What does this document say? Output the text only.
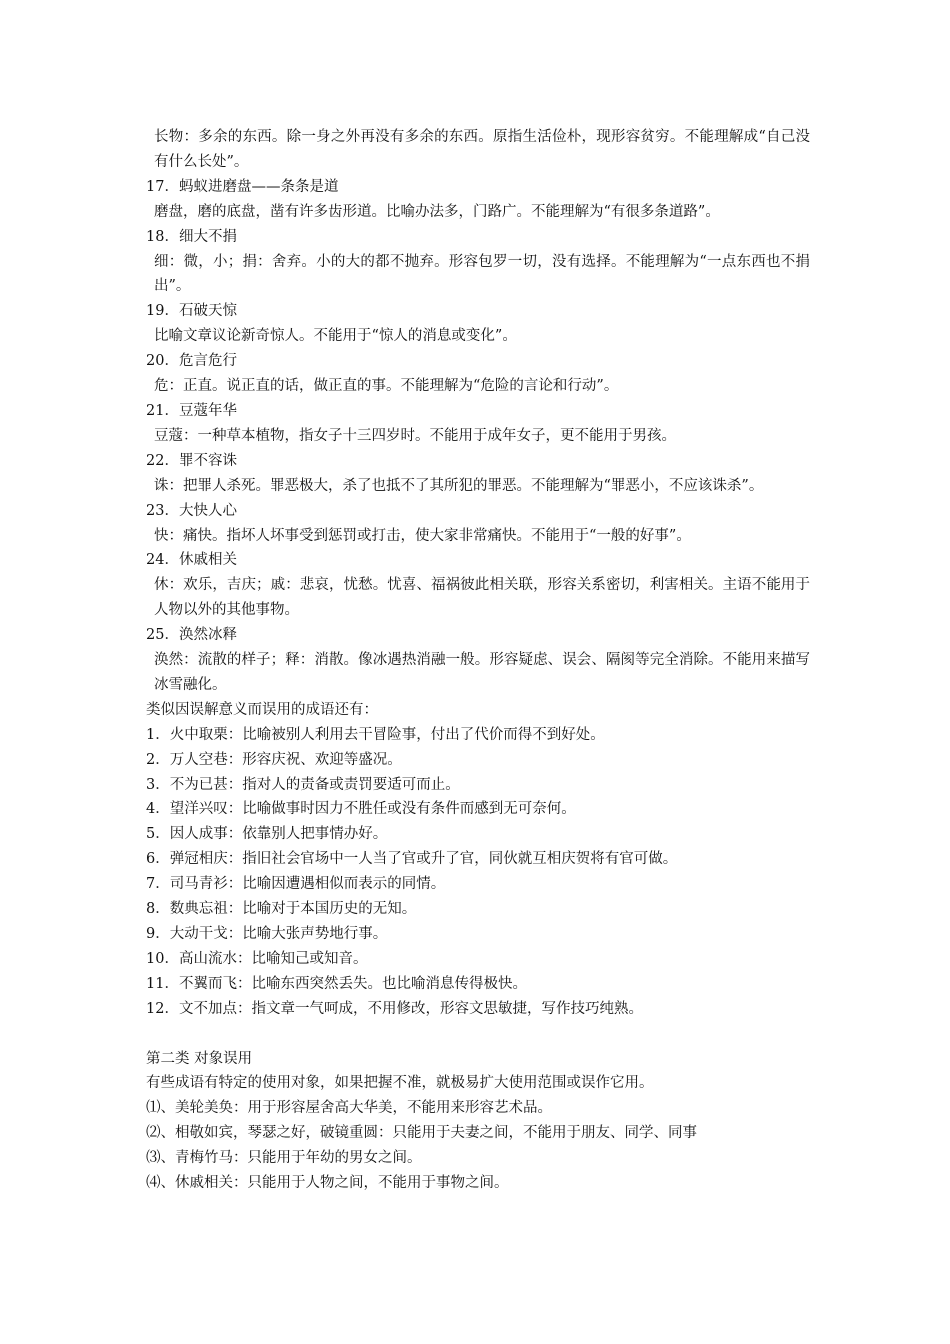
长物：多余的东西。除一身之外再没有多余的东西。原指生活俭朴，现形容贫穷。不能理解成“自己没有什么长处”。

17．蚂蚁进磨盘——条条是道

磨盘，磨的底盘，凿有许多齿形道。比喻办法多，门路广。不能理解为“有很多条道路”。

18．细大不捐

细：微，小；捐：舍弃。小的大的都不抛弃。形容包罗一切，没有选择。不能理解为“一点东西也不捐出”。

19．石破天惊

比喻文章议论新奇惊人。不能用于“惊人的消息或变化”。

20．危言危行

危：正直。说正直的话，做正直的事。不能理解为“危险的言论和行动”。

21．豆蔻年华

豆蔻：一种草本植物，指女子十三四岁时。不能用于成年女子，更不能用于男孩。

22．罪不容诛

诛：把罪人杀死。罪恶极大，杀了也抵不了其所犯的罪恶。不能理解为“罪恶小，不应该诛杀”。

23．大快人心

快：痛快。指坏人坏事受到惩罚或打击，使大家非常痛快。不能用于“一般的好事”。

24．休戚相关

休：欢乐，吉庆；戚：悲哀，忧愁。忧喜、福祸彼此相关联，形容关系密切，利害相关。主语不能用于人物以外的其他事物。

25．涣然冰释

涣然：流散的样子；释：消散。像冰遇热消融一般。形容疑虑、误会、隔阂等完全消除。不能用来描写冰雪融化。

类似因误解意义而误用的成语还有：

1．火中取栗：比喻被别人利用去干冒险事，付出了代价而得不到好处。

2．万人空巷：形容庆祝、欢迎等盛况。

3．不为已甚：指对人的责备或责罚要适可而止。

4．望洋兴叹：比喻做事时因力不胜任或没有条件而感到无可奈何。

5．因人成事：依靠别人把事情办好。

6．弹冠相庆：指旧社会官场中一人当了官或升了官，同伙就互相庆贺将有官可做。

7．司马青衫：比喻因遭遇相似而表示的同情。

8．数典忘祖：比喻对于本国历史的无知。

9．大动干戈：比喻大张声势地行事。

10．高山流水：比喻知己或知音。

11．不翼而飞：比喻东西突然丢失。也比喻消息传得极快。

12．文不加点：指文章一气呵成，不用修改，形容文思敏捷，写作技巧纯熟。

第二类 对象误用

有些成语有特定的使用对象，如果把握不准，就极易扩大使用范围或误作它用。

⑴、美轮美奂：用于形容屋舍高大华美，不能用来形容艺术品。

⑵、相敬如宾，琴瑟之好，破镜重圆：只能用于夫妻之间，不能用于朋友、同学、同事

⑶、青梅竹马：只能用于年幼的男女之间。

⑷、休戚相关：只能用于人物之间，不能用于事物之间。
